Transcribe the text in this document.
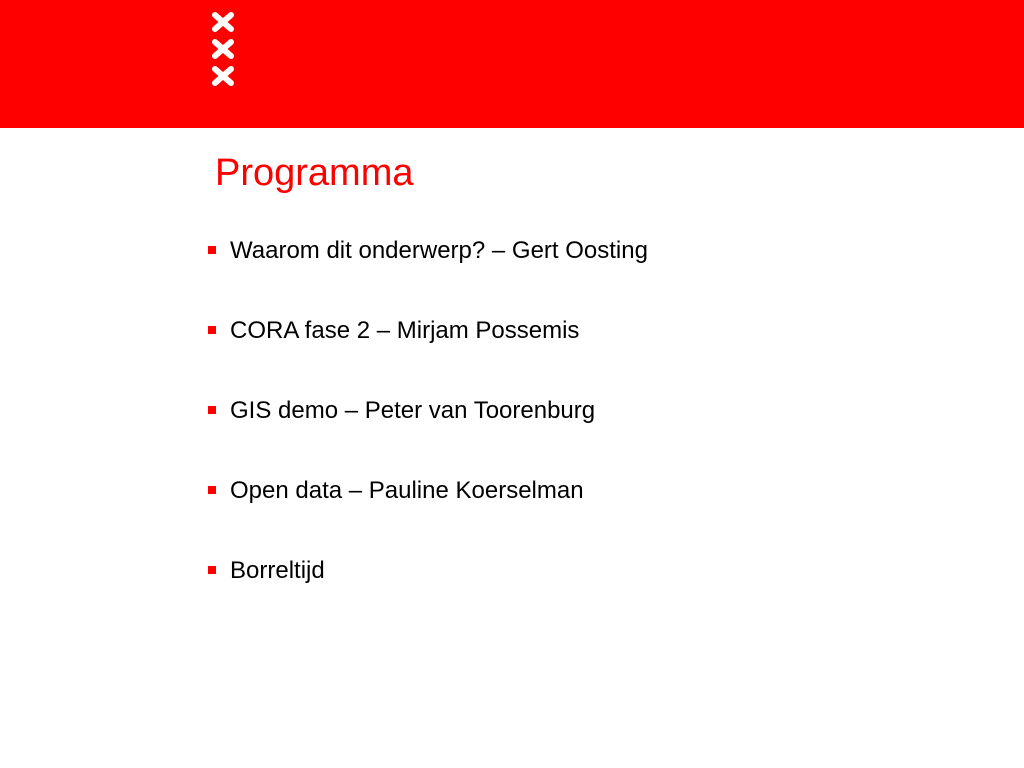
Programma
Waarom dit onderwerp? – Gert Oosting
CORA fase 2 – Mirjam Possemis
GIS demo – Peter van Toorenburg
Open data – Pauline Koerselman
Borreltijd
